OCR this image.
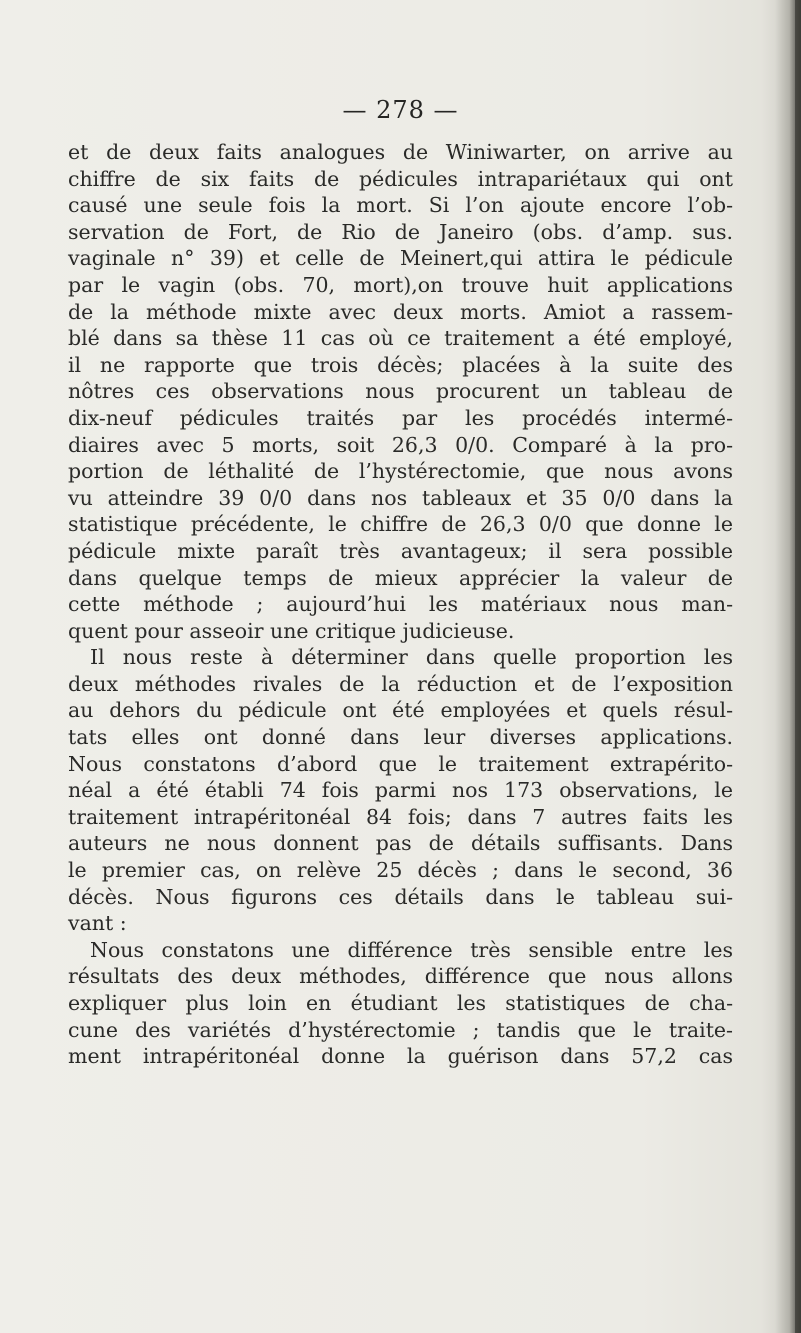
— 278 —
et de deux faits analogues de Winiwarter, on arrive au
chiffre de six faits de pédicules intrapariétaux qui ont
causé une seule fois la mort. Si l’on ajoute encore l’ob-
servation de Fort, de Rio de Janeiro (obs. d’amp. sus.
vaginale n° 39) et celle de Meinert,qui attira le pédicule
par le vagin (obs. 70, mort),on trouve huit applications
de la méthode mixte avec deux morts. Amiot a rassem-
blé dans sa thèse 11 cas où ce traitement a été employé,
il ne rapporte que trois décès; placées à la suite des
nôtres ces observations nous procurent un tableau de
dix-neuf pédicules traités par les procédés intermé-
diaires avec 5 morts, soit 26,3 0/0. Comparé à la pro-
portion de léthalité de l’hystérectomie, que nous avons
vu atteindre 39 0/0 dans nos tableaux et 35 0/0 dans la
statistique précédente, le chiffre de 26,3 0/0 que donne le
pédicule mixte paraît très avantageux; il sera possible
dans quelque temps de mieux apprécier la valeur de
cette méthode ; aujourd’hui les matériaux nous man-
quent pour asseoir une critique judicieuse.
Il nous reste à déterminer dans quelle proportion les
deux méthodes rivales de la réduction et de l’exposition
au dehors du pédicule ont été employées et quels résul-
tats elles ont donné dans leur diverses applications.
Nous constatons d’abord que le traitement extrapérito-
néal a été établi 74 fois parmi nos 173 observations, le
traitement intrapéritonéal 84 fois; dans 7 autres faits les
auteurs ne nous donnent pas de détails suffisants. Dans
le premier cas, on relève 25 décès ; dans le second, 36
décès. Nous figurons ces détails dans le tableau sui-
vant :
Nous constatons une différence très sensible entre les
résultats des deux méthodes, différence que nous allons
expliquer plus loin en étudiant les statistiques de cha-
cune des variétés d’hystérectomie ; tandis que le traite-
ment intrapéritonéal donne la guérison dans 57,2 cas
